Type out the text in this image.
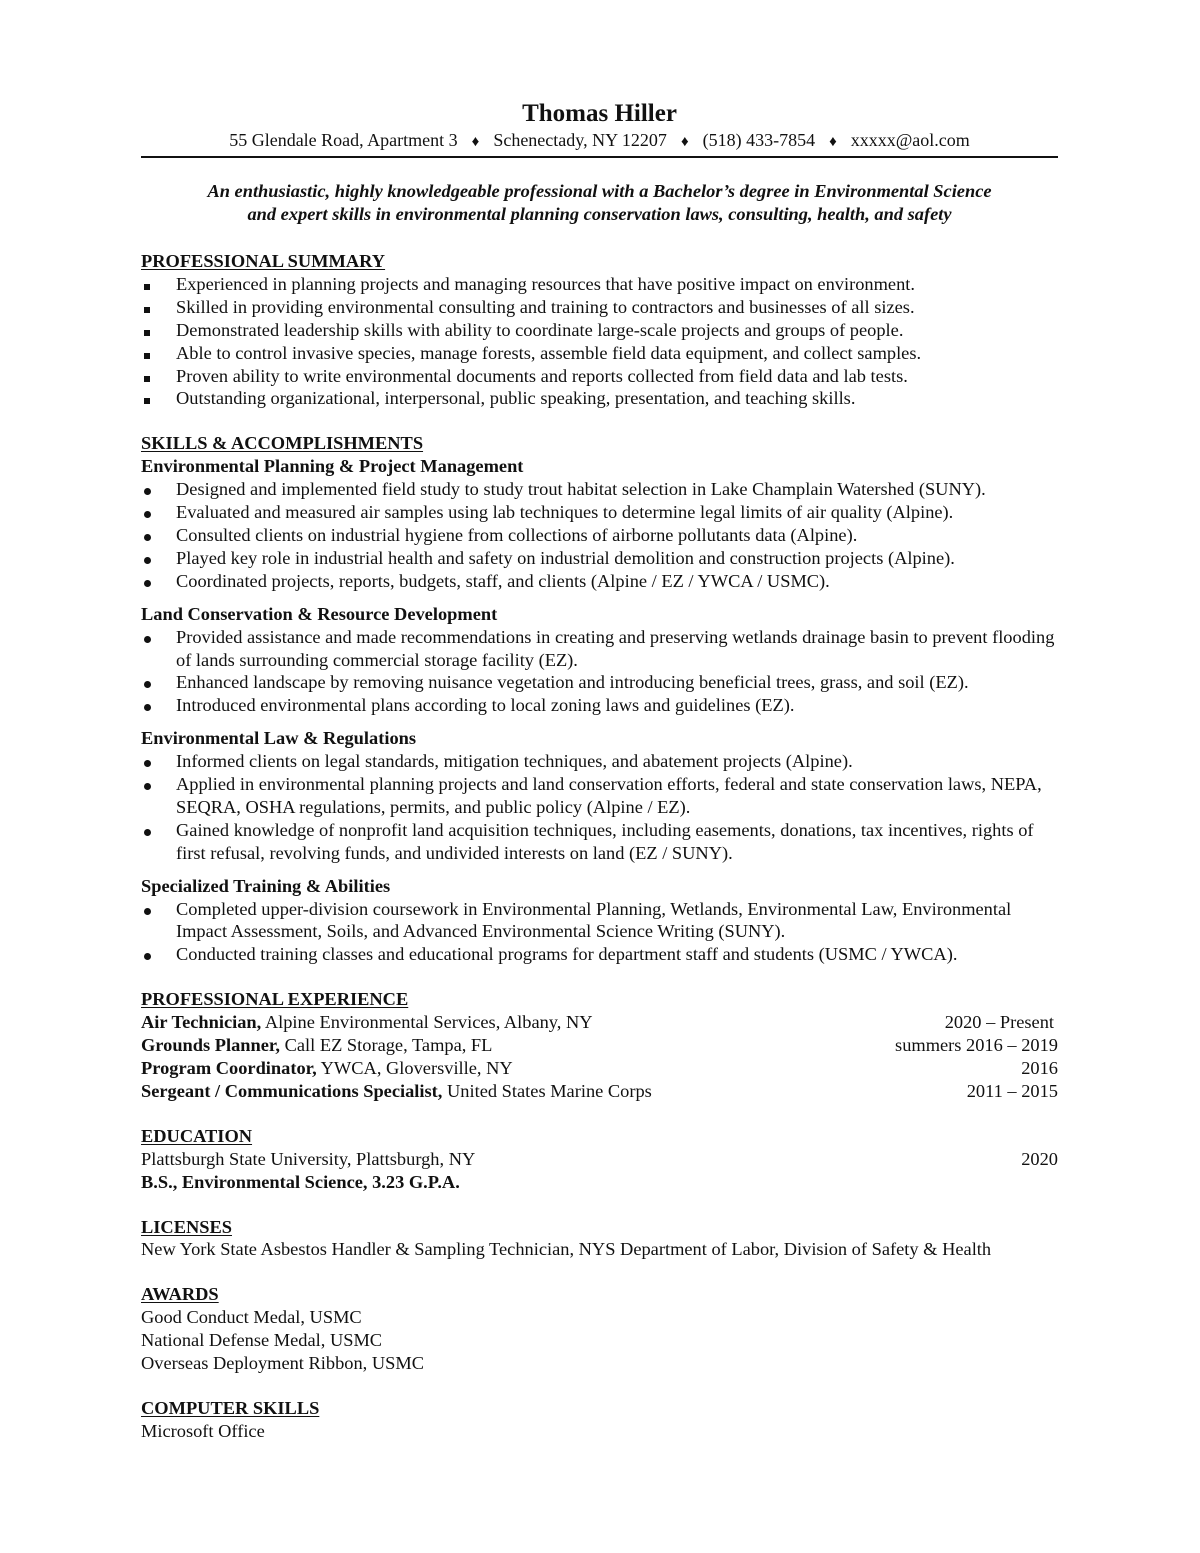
Thomas Hiller
55 Glendale Road, Apartment 3 ♦ Schenectady, NY 12207 ♦ (518) 433-7854 ♦ xxxxx@aol.com
An enthusiastic, highly knowledgeable professional with a Bachelor’s degree in Environmental Science
and expert skills in environmental planning conservation laws, consulting, health, and safety
PROFESSIONAL SUMMARY
Experienced in planning projects and managing resources that have positive impact on environment.
Skilled in providing environmental consulting and training to contractors and businesses of all sizes.
Demonstrated leadership skills with ability to coordinate large-scale projects and groups of people.
Able to control invasive species, manage forests, assemble field data equipment, and collect samples.
Proven ability to write environmental documents and reports collected from field data and lab tests.
Outstanding organizational, interpersonal, public speaking, presentation, and teaching skills.
SKILLS & ACCOMPLISHMENTS
Environmental Planning & Project Management
Designed and implemented field study to study trout habitat selection in Lake Champlain Watershed (SUNY).
Evaluated and measured air samples using lab techniques to determine legal limits of air quality (Alpine).
Consulted clients on industrial hygiene from collections of airborne pollutants data (Alpine).
Played key role in industrial health and safety on industrial demolition and construction projects (Alpine).
Coordinated projects, reports, budgets, staff, and clients (Alpine / EZ / YWCA / USMC).
Land Conservation & Resource Development
Provided assistance and made recommendations in creating and preserving wetlands drainage basin to prevent flooding of lands surrounding commercial storage facility (EZ).
Enhanced landscape by removing nuisance vegetation and introducing beneficial trees, grass, and soil (EZ).
Introduced environmental plans according to local zoning laws and guidelines (EZ).
Environmental Law & Regulations
Informed clients on legal standards, mitigation techniques, and abatement projects (Alpine).
Applied in environmental planning projects and land conservation efforts, federal and state conservation laws, NEPA, SEQRA, OSHA regulations, permits, and public policy (Alpine / EZ).
Gained knowledge of nonprofit land acquisition techniques, including easements, donations, tax incentives, rights of first refusal, revolving funds, and undivided interests on land (EZ / SUNY).
Specialized Training & Abilities
Completed upper-division coursework in Environmental Planning, Wetlands, Environmental Law, Environmental Impact Assessment, Soils, and Advanced Environmental Science Writing (SUNY).
Conducted training classes and educational programs for department staff and students (USMC / YWCA).
PROFESSIONAL EXPERIENCE
Air Technician, Alpine Environmental Services, Albany, NY	2020 – Present
Grounds Planner, Call EZ Storage, Tampa, FL	summers 2016 – 2019
Program Coordinator, YWCA, Gloversville, NY	2016
Sergeant / Communications Specialist, United States Marine Corps	2011 – 2015
EDUCATION
Plattsburgh State University, Plattsburgh, NY	2020
B.S., Environmental Science, 3.23 G.P.A.
LICENSES
New York State Asbestos Handler & Sampling Technician, NYS Department of Labor, Division of Safety & Health
AWARDS
Good Conduct Medal, USMC
National Defense Medal, USMC
Overseas Deployment Ribbon, USMC
COMPUTER SKILLS
Microsoft Office
